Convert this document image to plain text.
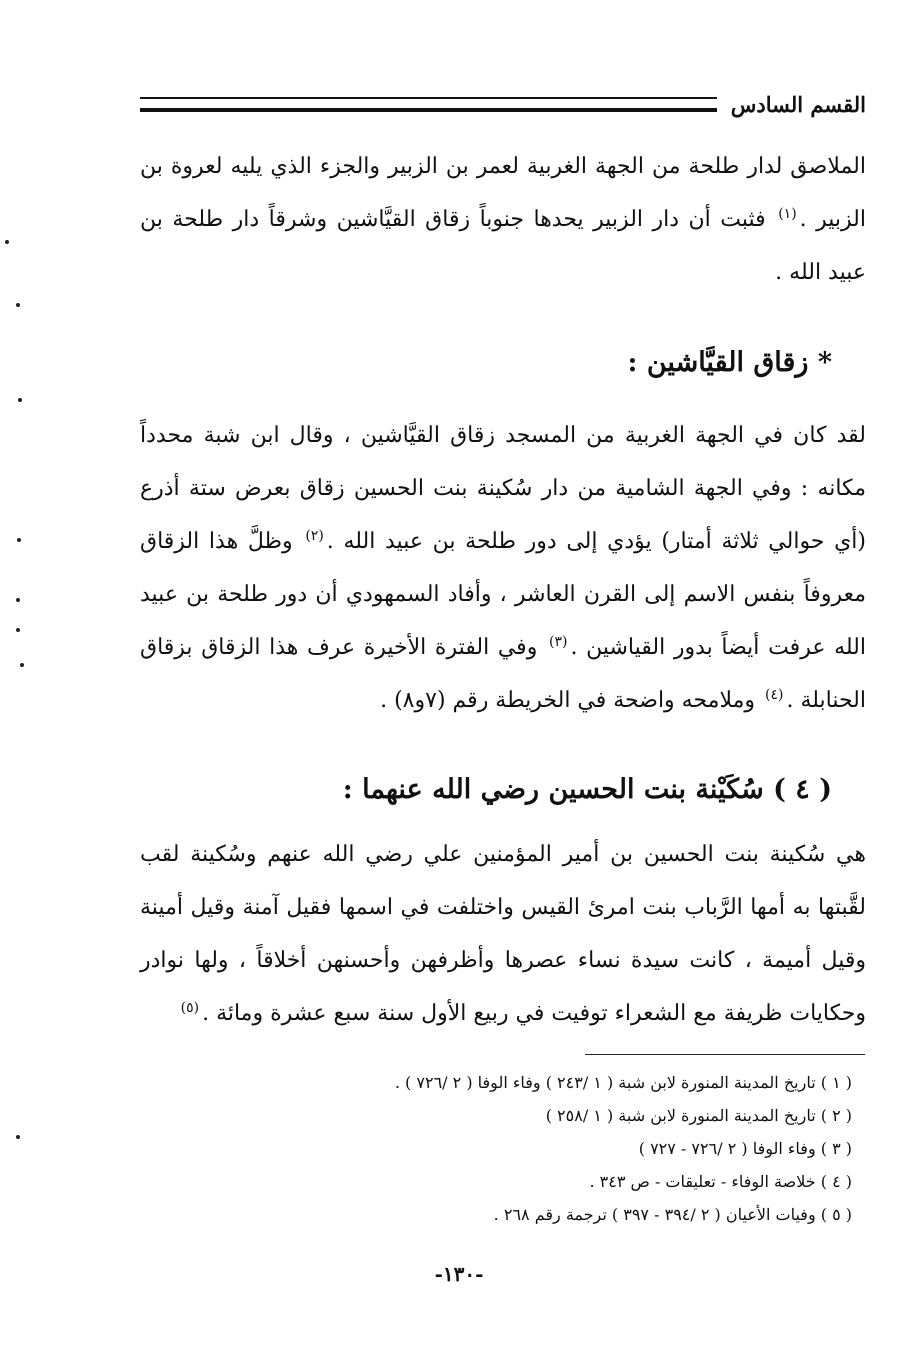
القسم السادس

الملاصق لدار طلحة من الجهة الغربية لعمر بن الزبير والجزء الذي يليه لعروة بن الزبير .$^{(١)}$ فثبت أن دار الزبير يحدها جنوباً زقاق القيَّاشين وشرقاً دار طلحة بن عبيد الله .

* زقاق القيَّاشين :

لقد كان في الجهة الغربية من المسجد زقاق القيَّاشين ، وقال ابن شبة محدداً مكانه : وفي الجهة الشامية من دار سُكينة بنت الحسين زقاق بعرض ستة أذرع (أي حوالي ثلاثة أمتار) يؤدي إلى دور طلحة بن عبيد الله .$^{(٢)}$ وظلَّ هذا الزقاق معروفاً بنفس الاسم إلى القرن العاشر ، وأفاد السمهودي أن دور طلحة بن عبيد الله عرفت أيضاً بدور القياشين .$^{(٣)}$ وفي الفترة الأخيرة عرف هذا الزقاق بزقاق الحنابلة .$^{(٤)}$ وملامحه واضحة في الخريطة رقم (٧و٨) .

( ٤ ) سُكَيْنة بنت الحسين رضي الله عنهما :

هي سُكينة بنت الحسين بن أمير المؤمنين علي رضي الله عنهم وسُكينة لقب لقَّبتها به أمها الرَّباب بنت امرئ القيس واختلفت في اسمها فقيل آمنة وقيل أمينة وقيل أميمة ، كانت سيدة نساء عصرها وأظرفهن وأحسنهن أخلاقاً ، ولها نوادر وحكايات ظريفة مع الشعراء توفيت في ربيع الأول سنة سبع عشرة ومائة .$^{(٥)}$

( ١ ) تاريخ المدينة المنورة لابن شبة ( ١ /٢٤٣ ) وفاء الوفا ( ٢ /٧٢٦ ) .
( ٢ ) تاريخ المدينة المنورة لابن شبة ( ١ /٢٥٨ )
( ٣ ) وفاء الوفا ( ٢ /٧٢٦ - ٧٢٧ )
( ٤ ) خلاصة الوفاء - تعليقات - ص ٣٤٣ .
( ٥ ) وفيات الأعيان ( ٢ /٣٩٤ - ٣٩٧ ) ترجمة رقم ٢٦٨ .
-١٣٠-
